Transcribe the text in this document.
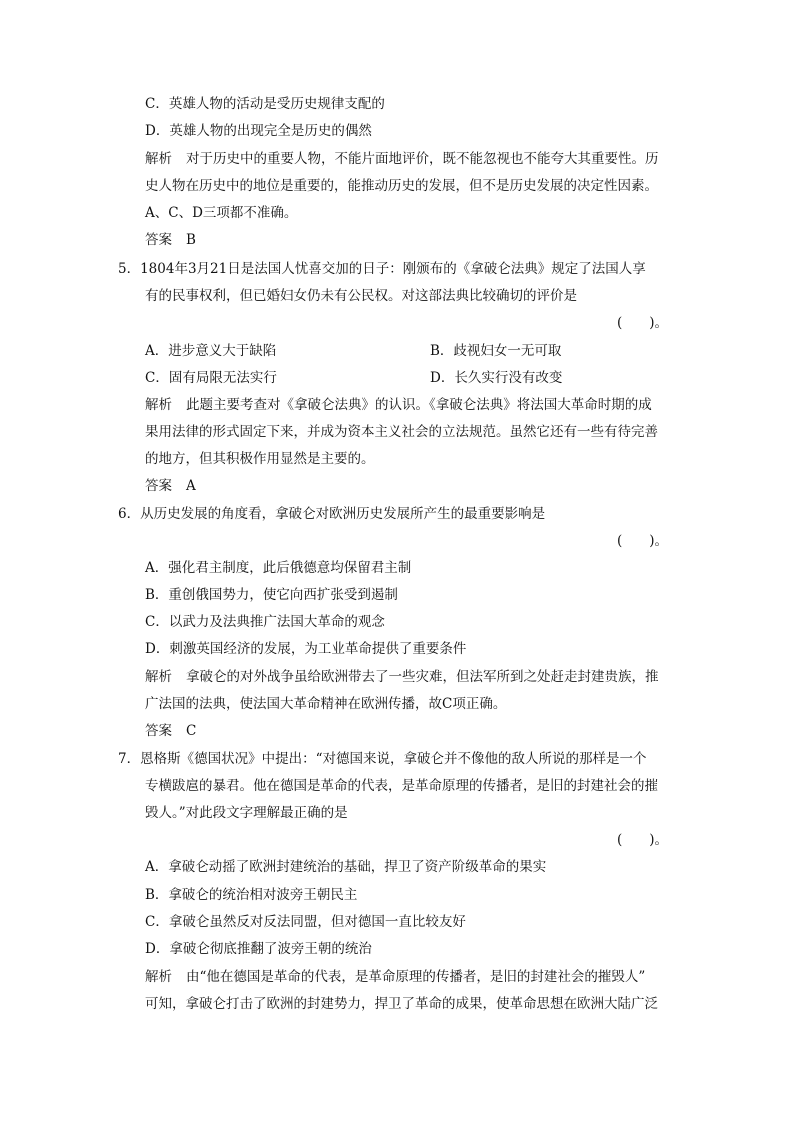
C．英雄人物的活动是受历史规律支配的
D．英雄人物的出现完全是历史的偶然
解析 对于历史中的重要人物，不能片面地评价，既不能忽视也不能夸大其重要性。历
史人物在历史中的地位是重要的，能推动历史的发展，但不是历史发展的决定性因素。
A、C、D三项都不准确。
答案 B
5．1804年3月21日是法国人忧喜交加的日子：刚颁布的《拿破仑法典》规定了法国人享
有的民事权利，但已婚妇女仍未有公民权。对这部法典比较确切的评价是
(　　)。
A．进步意义大于缺陷	B．歧视妇女一无可取
C．固有局限无法实行	D．长久实行没有改变
解析 此题主要考查对《拿破仑法典》的认识。《拿破仑法典》将法国大革命时期的成
果用法律的形式固定下来，并成为资本主义社会的立法规范。虽然它还有一些有待完善
的地方，但其积极作用显然是主要的。
答案 A
6．从历史发展的角度看，拿破仑对欧洲历史发展所产生的最重要影响是
(　　)。
A．强化君主制度，此后俄德意均保留君主制
B．重创俄国势力，使它向西扩张受到遏制
C．以武力及法典推广法国大革命的观念
D．刺激英国经济的发展，为工业革命提供了重要条件
解析 拿破仑的对外战争虽给欧洲带去了一些灾难，但法军所到之处赶走封建贵族，推
广法国的法典，使法国大革命精神在欧洲传播，故C项正确。
答案 C
7．恩格斯《德国状况》中提出：“对德国来说，拿破仑并不像他的敌人所说的那样是一个
专横跋扈的暴君。他在德国是革命的代表，是革命原理的传播者，是旧的封建社会的摧
毁人。”对此段文字理解最正确的是
(　　)。
A．拿破仑动摇了欧洲封建统治的基础，捍卫了资产阶级革命的果实
B．拿破仑的统治相对波旁王朝民主
C．拿破仑虽然反对反法同盟，但对德国一直比较友好
D．拿破仑彻底推翻了波旁王朝的统治
解析 由“他在德国是革命的代表，是革命原理的传播者，是旧的封建社会的摧毁人”
可知，拿破仑打击了欧洲的封建势力，捍卫了革命的成果，使革命思想在欧洲大陆广泛
